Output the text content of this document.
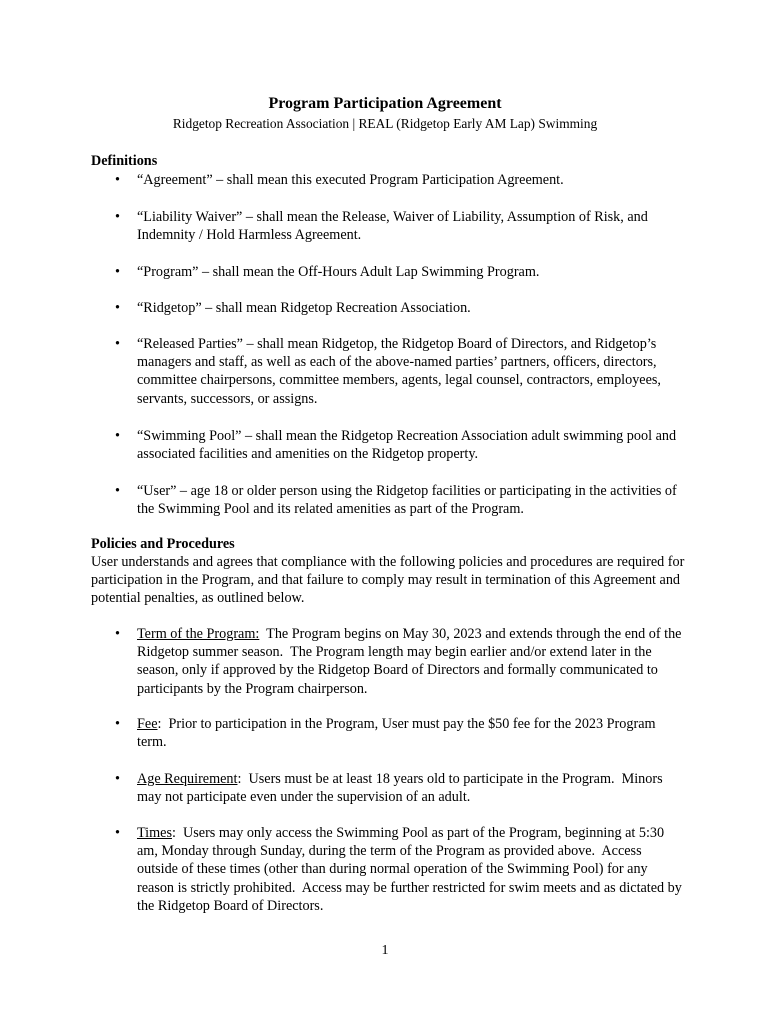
Program Participation Agreement
Ridgetop Recreation Association | REAL (Ridgetop Early AM Lap) Swimming
Definitions
• “Agreement” – shall mean this executed Program Participation Agreement.
• “Liability Waiver” – shall mean the Release, Waiver of Liability, Assumption of Risk, and Indemnity / Hold Harmless Agreement.
• “Program” – shall mean the Off-Hours Adult Lap Swimming Program.
• “Ridgetop” – shall mean Ridgetop Recreation Association.
• “Released Parties” – shall mean Ridgetop, the Ridgetop Board of Directors, and Ridgetop’s managers and staff, as well as each of the above-named parties’ partners, officers, directors, committee chairpersons, committee members, agents, legal counsel, contractors, employees, servants, successors, or assigns.
• “Swimming Pool” – shall mean the Ridgetop Recreation Association adult swimming pool and associated facilities and amenities on the Ridgetop property.
• “User” – age 18 or older person using the Ridgetop facilities or participating in the activities of the Swimming Pool and its related amenities as part of the Program.
Policies and Procedures
User understands and agrees that compliance with the following policies and procedures are required for participation in the Program, and that failure to comply may result in termination of this Agreement and potential penalties, as outlined below.
• Term of the Program:  The Program begins on May 30, 2023 and extends through the end of the Ridgetop summer season.  The Program length may begin earlier and/or extend later in the season, only if approved by the Ridgetop Board of Directors and formally communicated to participants by the Program chairperson.
• Fee:  Prior to participation in the Program, User must pay the $50 fee for the 2023 Program term.
• Age Requirement:  Users must be at least 18 years old to participate in the Program.  Minors may not participate even under the supervision of an adult.
• Times:  Users may only access the Swimming Pool as part of the Program, beginning at 5:30 am, Monday through Sunday, during the term of the Program as provided above.  Access outside of these times (other than during normal operation of the Swimming Pool) for any reason is strictly prohibited.  Access may be further restricted for swim meets and as dictated by the Ridgetop Board of Directors.
1
